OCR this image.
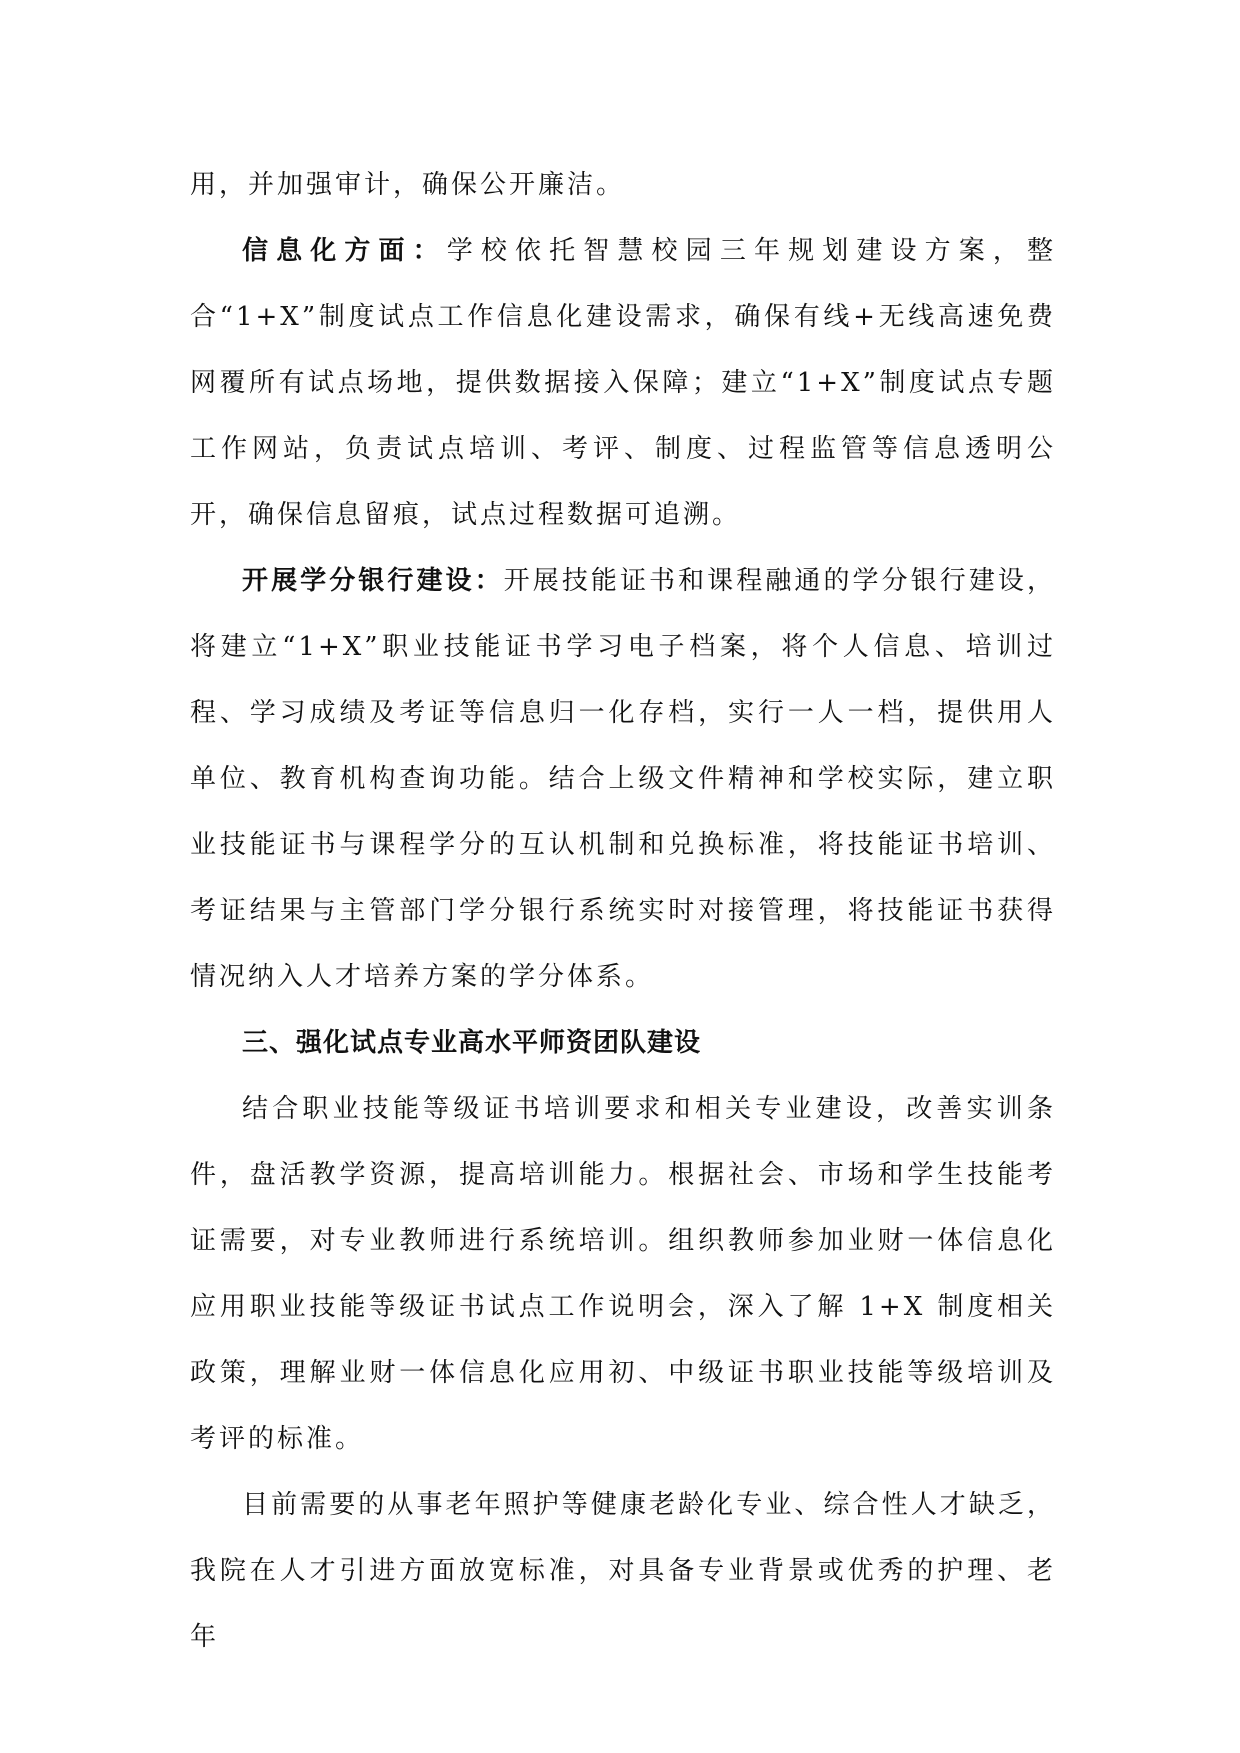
用，并加强审计，确保公开廉洁。

信息化方面：学校依托智慧校园三年规划建设方案，整合“1+X”制度试点工作信息化建设需求，确保有线+无线高速免费网覆所有试点场地，提供数据接入保障；建立“1+X”制度试点专题工作网站，负责试点培训、考评、制度、过程监管等信息透明公开，确保信息留痕，试点过程数据可追溯。

开展学分银行建设：开展技能证书和课程融通的学分银行建设，将建立“1+X”职业技能证书学习电子档案，将个人信息、培训过程、学习成绩及考证等信息归一化存档，实行一人一档，提供用人单位、教育机构查询功能。结合上级文件精神和学校实际，建立职业技能证书与课程学分的互认机制和兑换标准，将技能证书培训、考证结果与主管部门学分银行系统实时对接管理，将技能证书获得情况纳入人才培养方案的学分体系。

三、强化试点专业高水平师资团队建设

结合职业技能等级证书培训要求和相关专业建设，改善实训条件，盘活教学资源，提高培训能力。根据社会、市场和学生技能考证需要，对专业教师进行系统培训。组织教师参加业财一体信息化应用职业技能等级证书试点工作说明会，深入了解 1+X 制度相关政策，理解业财一体信息化应用初、中级证书职业技能等级培训及考评的标准。

目前需要的从事老年照护等健康老龄化专业、综合性人才缺乏，我院在人才引进方面放宽标准，对具备专业背景或优秀的护理、老年
